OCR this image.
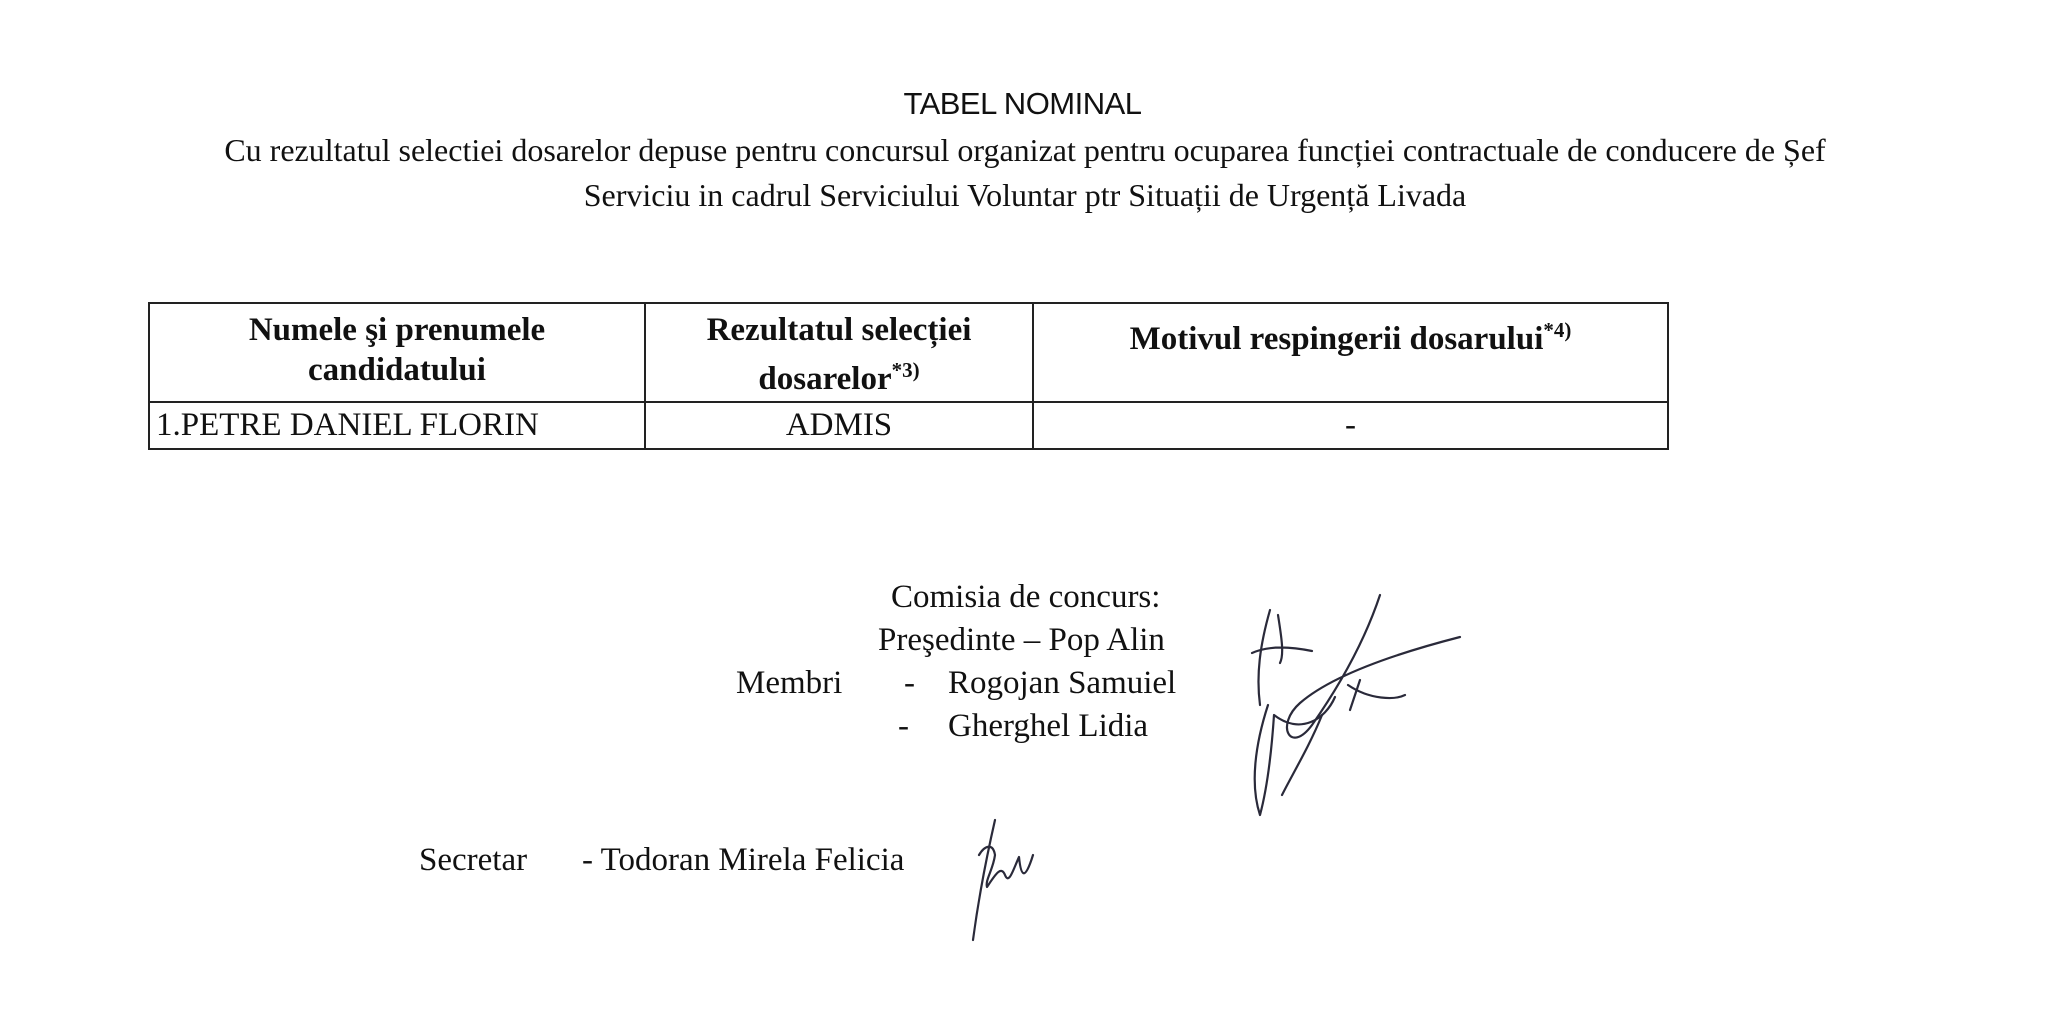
TABEL NOMINAL
Cu rezultatul selectiei dosarelor depuse pentru concursul organizat pentru ocuparea funcției contractuale de conducere de Șef Serviciu in cadrul Serviciului Voluntar ptr Situații de Urgență Livada
Numele şi prenumele candidatului	Rezultatul selecției dosarelor$^{*3)}$	Motivul respingerii dosarului$^{*4)}$
1.PETRE DANIEL FLORIN	ADMIS	-
Comisia de concurs:
Preşedinte – Pop Alin
Membri - Rogojan Samuiel
- Gherghel Lidia
Secretar - Todoran Mirela Felicia
